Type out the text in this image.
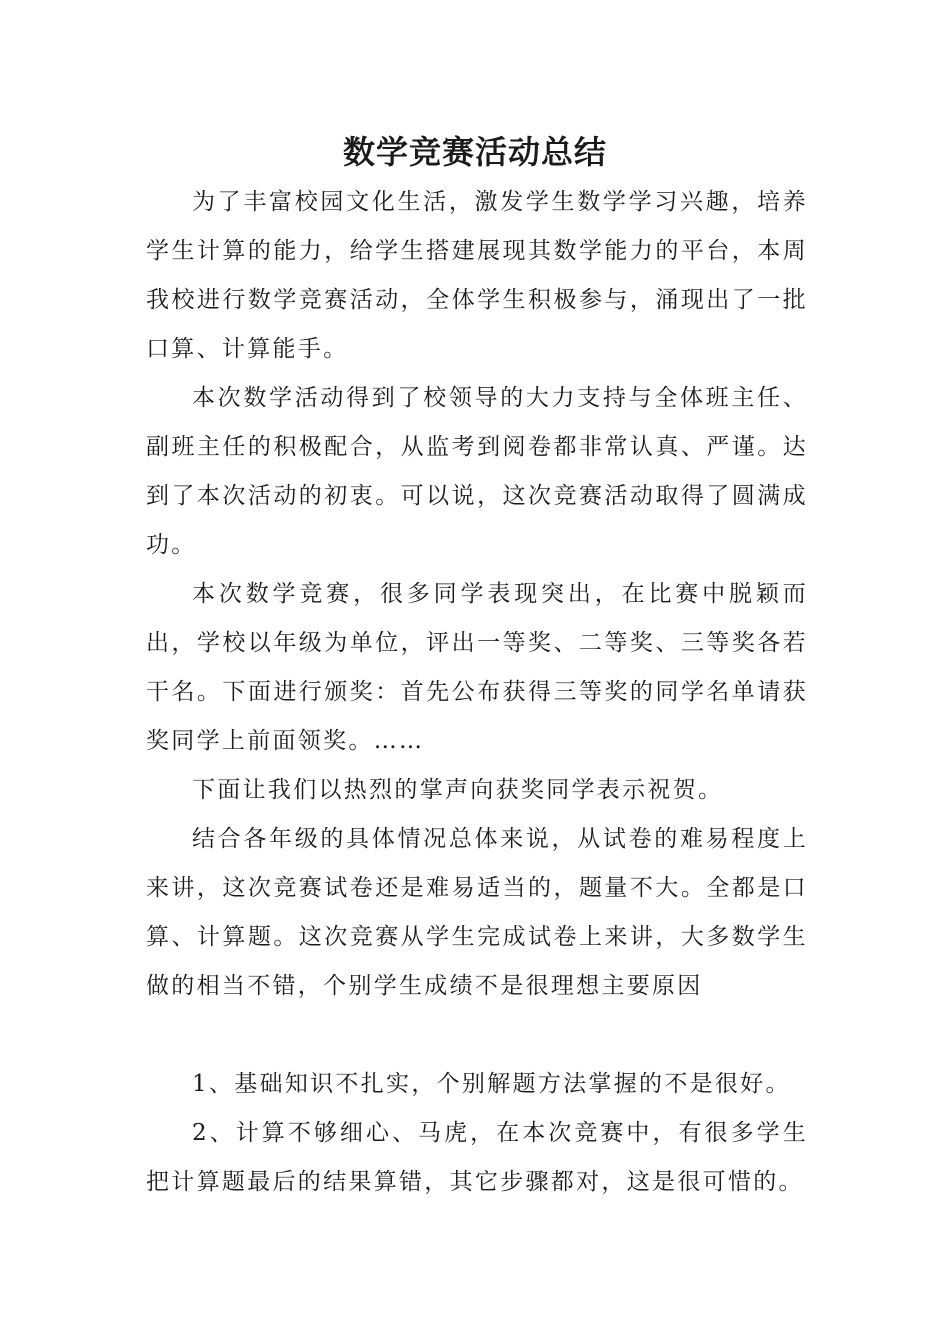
数学竞赛活动总结

为了丰富校园文化生活，激发学生数学学习兴趣，培养学生计算的能力，给学生搭建展现其数学能力的平台，本周我校进行数学竞赛活动，全体学生积极参与，涌现出了一批口算、计算能手。

本次数学活动得到了校领导的大力支持与全体班主任、副班主任的积极配合，从监考到阅卷都非常认真、严谨。达到了本次活动的初衷。可以说，这次竞赛活动取得了圆满成功。

本次数学竞赛，很多同学表现突出，在比赛中脱颖而出，学校以年级为单位，评出一等奖、二等奖、三等奖各若干名。下面进行颁奖：首先公布获得三等奖的同学名单请获奖同学上前面领奖。……

下面让我们以热烈的掌声向获奖同学表示祝贺。

结合各年级的具体情况总体来说，从试卷的难易程度上来讲，这次竞赛试卷还是难易适当的，题量不大。全都是口算、计算题。这次竞赛从学生完成试卷上来讲，大多数学生做的相当不错，个别学生成绩不是很理想主要原因

1、基础知识不扎实，个别解题方法掌握的不是很好。

2、计算不够细心、马虎，在本次竞赛中，有很多学生把计算题最后的结果算错，其它步骤都对，这是很可惜的。
